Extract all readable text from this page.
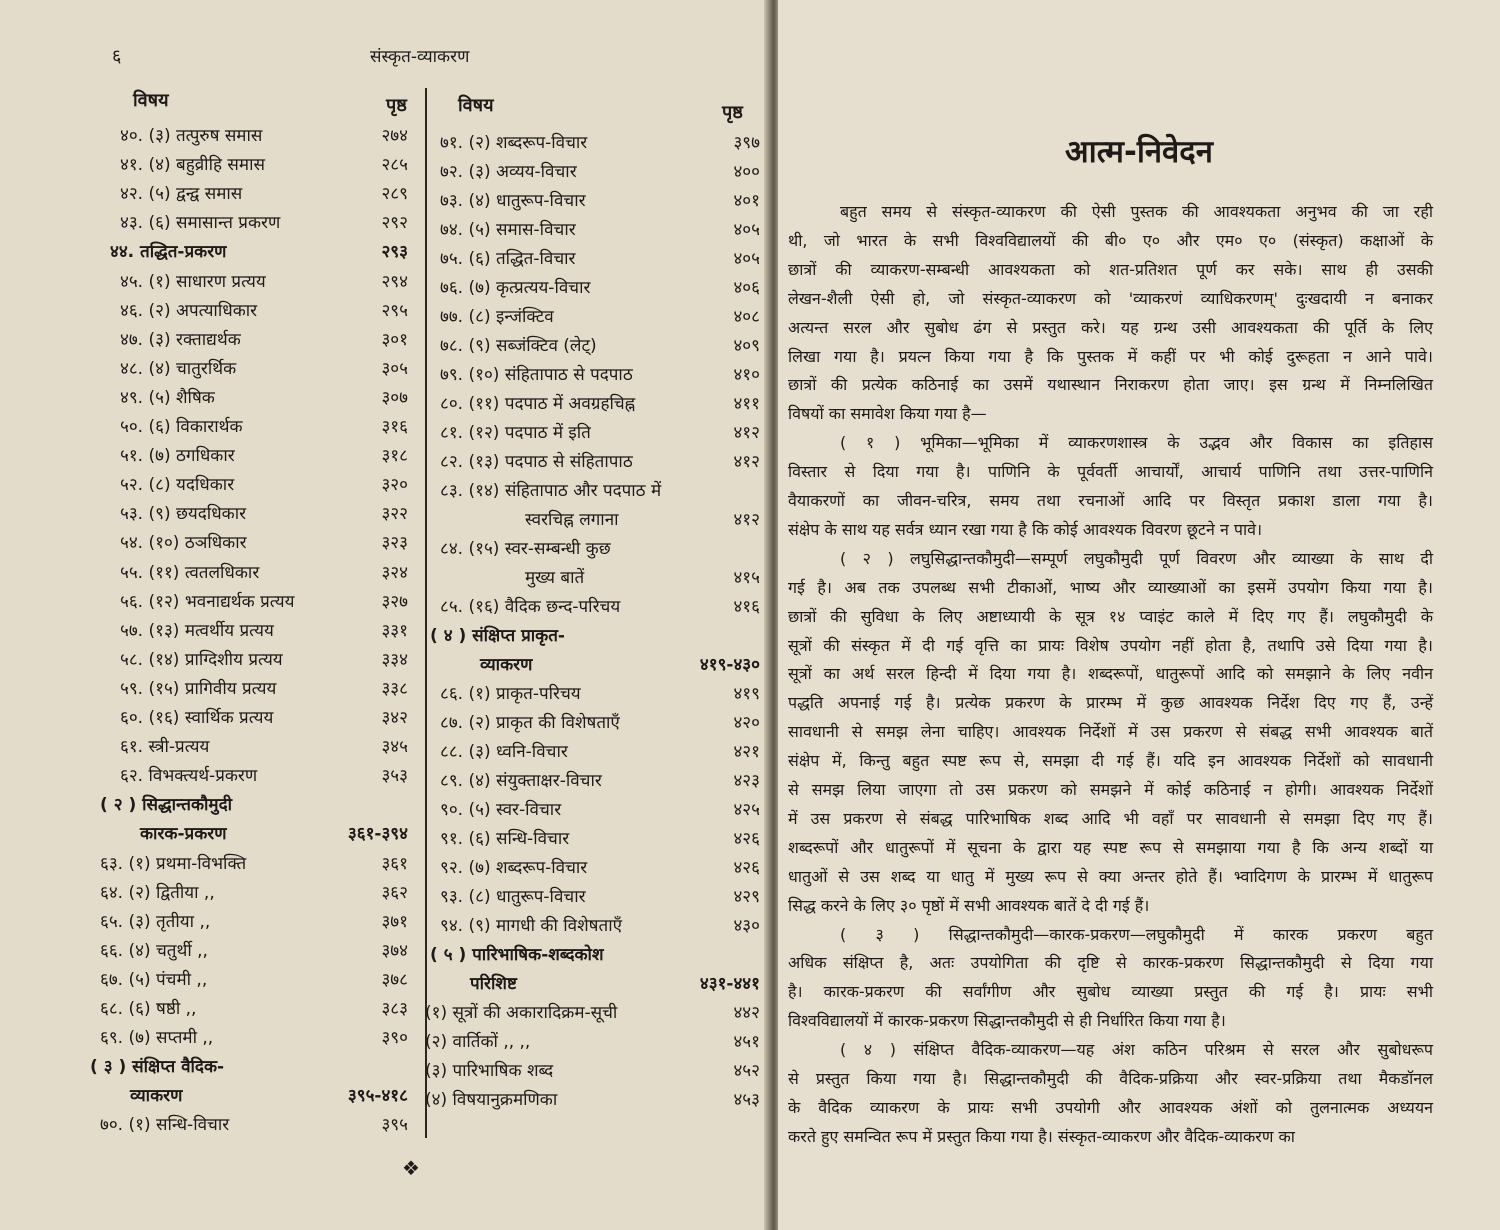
६	संस्कृत-व्याकरण
विषय	पृष्ठ	विषय	पृष्ठ
४०. (३) तत्पुरुष समास	२७४
४१. (४) बहुव्रीहि समास	२८५
४२. (५) द्वन्द्व समास	२८९
४३. (६) समासान्त प्रकरण	२९२
४४. तद्धित-प्रकरण	२९३
४५. (१) साधारण प्रत्यय	२९४
४६. (२) अपत्याधिकार	२९५
४७. (३) रक्ताद्यर्थक	३०१
४८. (४) चातुरर्थिक	३०५
४९. (५) शैषिक	३०७
५०. (६) विकारार्थक	३१६
५१. (७) ठगधिकार	३१८
५२. (८) यदधिकार	३२०
५३. (९) छयदधिकार	३२२
५४. (१०) ठञधिकार	३२३
५५. (११) त्वतलधिकार	३२४
५६. (१२) भवनाद्यर्थक प्रत्यय	३२७
५७. (१३) मत्वर्थीय प्रत्यय	३३१
५८. (१४) प्राग्दिशीय प्रत्यय	३३४
५९. (१५) प्रागिवीय प्रत्यय	३३८
६०. (१६) स्वार्थिक प्रत्यय	३४२
६१. स्त्री-प्रत्यय	३४५
६२. विभक्त्यर्थ-प्रकरण	३५३
( २ ) सिद्धान्तकौमुदी
कारक-प्रकरण	३६१-३९४
६३. (१) प्रथमा-विभक्ति	३६१
६४. (२) द्वितीया ,,	३६२
६५. (३) तृतीया ,,	३७१
६६. (४) चतुर्थी ,,	३७४
६७. (५) पंचमी ,,	३७८
६८. (६) षष्ठी ,,	३८३
६९. (७) सप्तमी ,,	३९०
( ३ ) संक्षिप्त वैदिक-
व्याकरण	३९५-४१८
७०. (१) सन्धि-विचार	३९५
७१. (२) शब्दरूप-विचार	३९७
७२. (३) अव्यय-विचार	४००
७३. (४) धातुरूप-विचार	४०१
७४. (५) समास-विचार	४०५
७५. (६) तद्धित-विचार	४०५
७६. (७) कृत्प्रत्यय-विचार	४०६
७७. (८) इन्जंक्टिव	४०८
७८. (९) सब्जंक्टिव (लेट्)	४०९
७९. (१०) संहितापाठ से पदपाठ	४१०
८०. (११) पदपाठ में अवग्रहचिह्न	४११
८१. (१२) पदपाठ में इति	४१२
८२. (१३) पदपाठ से संहितापाठ	४१२
८३. (१४) संहितापाठ और पदपाठ में
स्वरचिह्न लगाना	४१२
८४. (१५) स्वर-सम्बन्धी कुछ
मुख्य बातें	४१५
८५. (१६) वैदिक छन्द-परिचय	४१६
( ४ ) संक्षिप्त प्राकृत-
व्याकरण	४१९-४३०
८६. (१) प्राकृत-परिचय	४१९
८७. (२) प्राकृत की विशेषताएँ	४२०
८८. (३) ध्वनि-विचार	४२१
८९. (४) संयुक्ताक्षर-विचार	४२३
९०. (५) स्वर-विचार	४२५
९१. (६) सन्धि-विचार	४२६
९२. (७) शब्दरूप-विचार	४२६
९३. (८) धातुरूप-विचार	४२९
९४. (९) मागधी की विशेषताएँ	४३०
( ५ ) पारिभाषिक-शब्दकोश
परिशिष्ट	४३१-४४१
(१) सूत्रों की अकारादिक्रम-सूची	४४२
(२) वार्तिकों ,, ,,	४५१
(३) पारिभाषिक शब्द	४५२
(४) विषयानुक्रमणिका	४५३
❖
आत्म-निवेदन
बहुत समय से संस्कृत-व्याकरण की ऐसी पुस्तक की आवश्यकता अनुभव की जा रही
थी, जो भारत के सभी विश्वविद्यालयों की बी० ए० और एम० ए० (संस्कृत) कक्षाओं के
छात्रों की व्याकरण-सम्बन्धी आवश्यकता को शत-प्रतिशत पूर्ण कर सके। साथ ही उसकी
लेखन-शैली ऐसी हो, जो संस्कृत-व्याकरण को 'व्याकरणं व्याधिकरणम्' दुःखदायी न बनाकर
अत्यन्त सरल और सुबोध ढंग से प्रस्तुत करे। यह ग्रन्थ उसी आवश्यकता की पूर्ति के लिए
लिखा गया है। प्रयत्न किया गया है कि पुस्तक में कहीं पर भी कोई दुरूहता न आने पावे।
छात्रों की प्रत्येक कठिनाई का उसमें यथास्थान निराकरण होता जाए। इस ग्रन्थ में निम्नलिखित
विषयों का समावेश किया गया है—
( १ ) भूमिका—भूमिका में व्याकरणशास्त्र के उद्भव और विकास का इतिहास
विस्तार से दिया गया है। पाणिनि के पूर्ववर्ती आचार्यों, आचार्य पाणिनि तथा उत्तर-पाणिनि
वैयाकरणों का जीवन-चरित्र, समय तथा रचनाओं आदि पर विस्तृत प्रकाश डाला गया है।
संक्षेप के साथ यह सर्वत्र ध्यान रखा गया है कि कोई आवश्यक विवरण छूटने न पावे।
( २ ) लघुसिद्धान्तकौमुदी—सम्पूर्ण लघुकौमुदी पूर्ण विवरण और व्याख्या के साथ दी
गई है। अब तक उपलब्ध सभी टीकाओं, भाष्य और व्याख्याओं का इसमें उपयोग किया गया है।
छात्रों की सुविधा के लिए अष्टाध्यायी के सूत्र १४ प्वाइंट काले में दिए गए हैं। लघुकौमुदी के
सूत्रों की संस्कृत में दी गई वृत्ति का प्रायः विशेष उपयोग नहीं होता है, तथापि उसे दिया गया है।
सूत्रों का अर्थ सरल हिन्दी में दिया गया है। शब्दरूपों, धातुरूपों आदि को समझाने के लिए नवीन
पद्धति अपनाई गई है। प्रत्येक प्रकरण के प्रारम्भ में कुछ आवश्यक निर्देश दिए गए हैं, उन्हें
सावधानी से समझ लेना चाहिए। आवश्यक निर्देशों में उस प्रकरण से संबद्ध सभी आवश्यक बातें
संक्षेप में, किन्तु बहुत स्पष्ट रूप से, समझा दी गई हैं। यदि इन आवश्यक निर्देशों को सावधानी
से समझ लिया जाएगा तो उस प्रकरण को समझने में कोई कठिनाई न होगी। आवश्यक निर्देशों
में उस प्रकरण से संबद्ध पारिभाषिक शब्द आदि भी वहाँ पर सावधानी से समझा दिए गए हैं।
शब्दरूपों और धातुरूपों में सूचना के द्वारा यह स्पष्ट रूप से समझाया गया है कि अन्य शब्दों या
धातुओं से उस शब्द या धातु में मुख्य रूप से क्या अन्तर होते हैं। भ्वादिगण के प्रारम्भ में धातुरूप
सिद्ध करने के लिए ३० पृष्ठों में सभी आवश्यक बातें दे दी गई हैं।
( ३ ) सिद्धान्तकौमुदी—कारक-प्रकरण—लघुकौमुदी में कारक प्रकरण बहुत
अधिक संक्षिप्त है, अतः उपयोगिता की दृष्टि से कारक-प्रकरण सिद्धान्तकौमुदी से दिया गया
है। कारक-प्रकरण की सर्वांगीण और सुबोध व्याख्या प्रस्तुत की गई है। प्रायः सभी
विश्वविद्यालयों में कारक-प्रकरण सिद्धान्तकौमुदी से ही निर्धारित किया गया है।
( ४ ) संक्षिप्त वैदिक-व्याकरण—यह अंश कठिन परिश्रम से सरल और सुबोधरूप
से प्रस्तुत किया गया है। सिद्धान्तकौमुदी की वैदिक-प्रक्रिया और स्वर-प्रक्रिया तथा मैकडॉनल
के वैदिक व्याकरण के प्रायः सभी उपयोगी और आवश्यक अंशों को तुलनात्मक अध्ययन
करते हुए समन्वित रूप में प्रस्तुत किया गया है। संस्कृत-व्याकरण और वैदिक-व्याकरण का
